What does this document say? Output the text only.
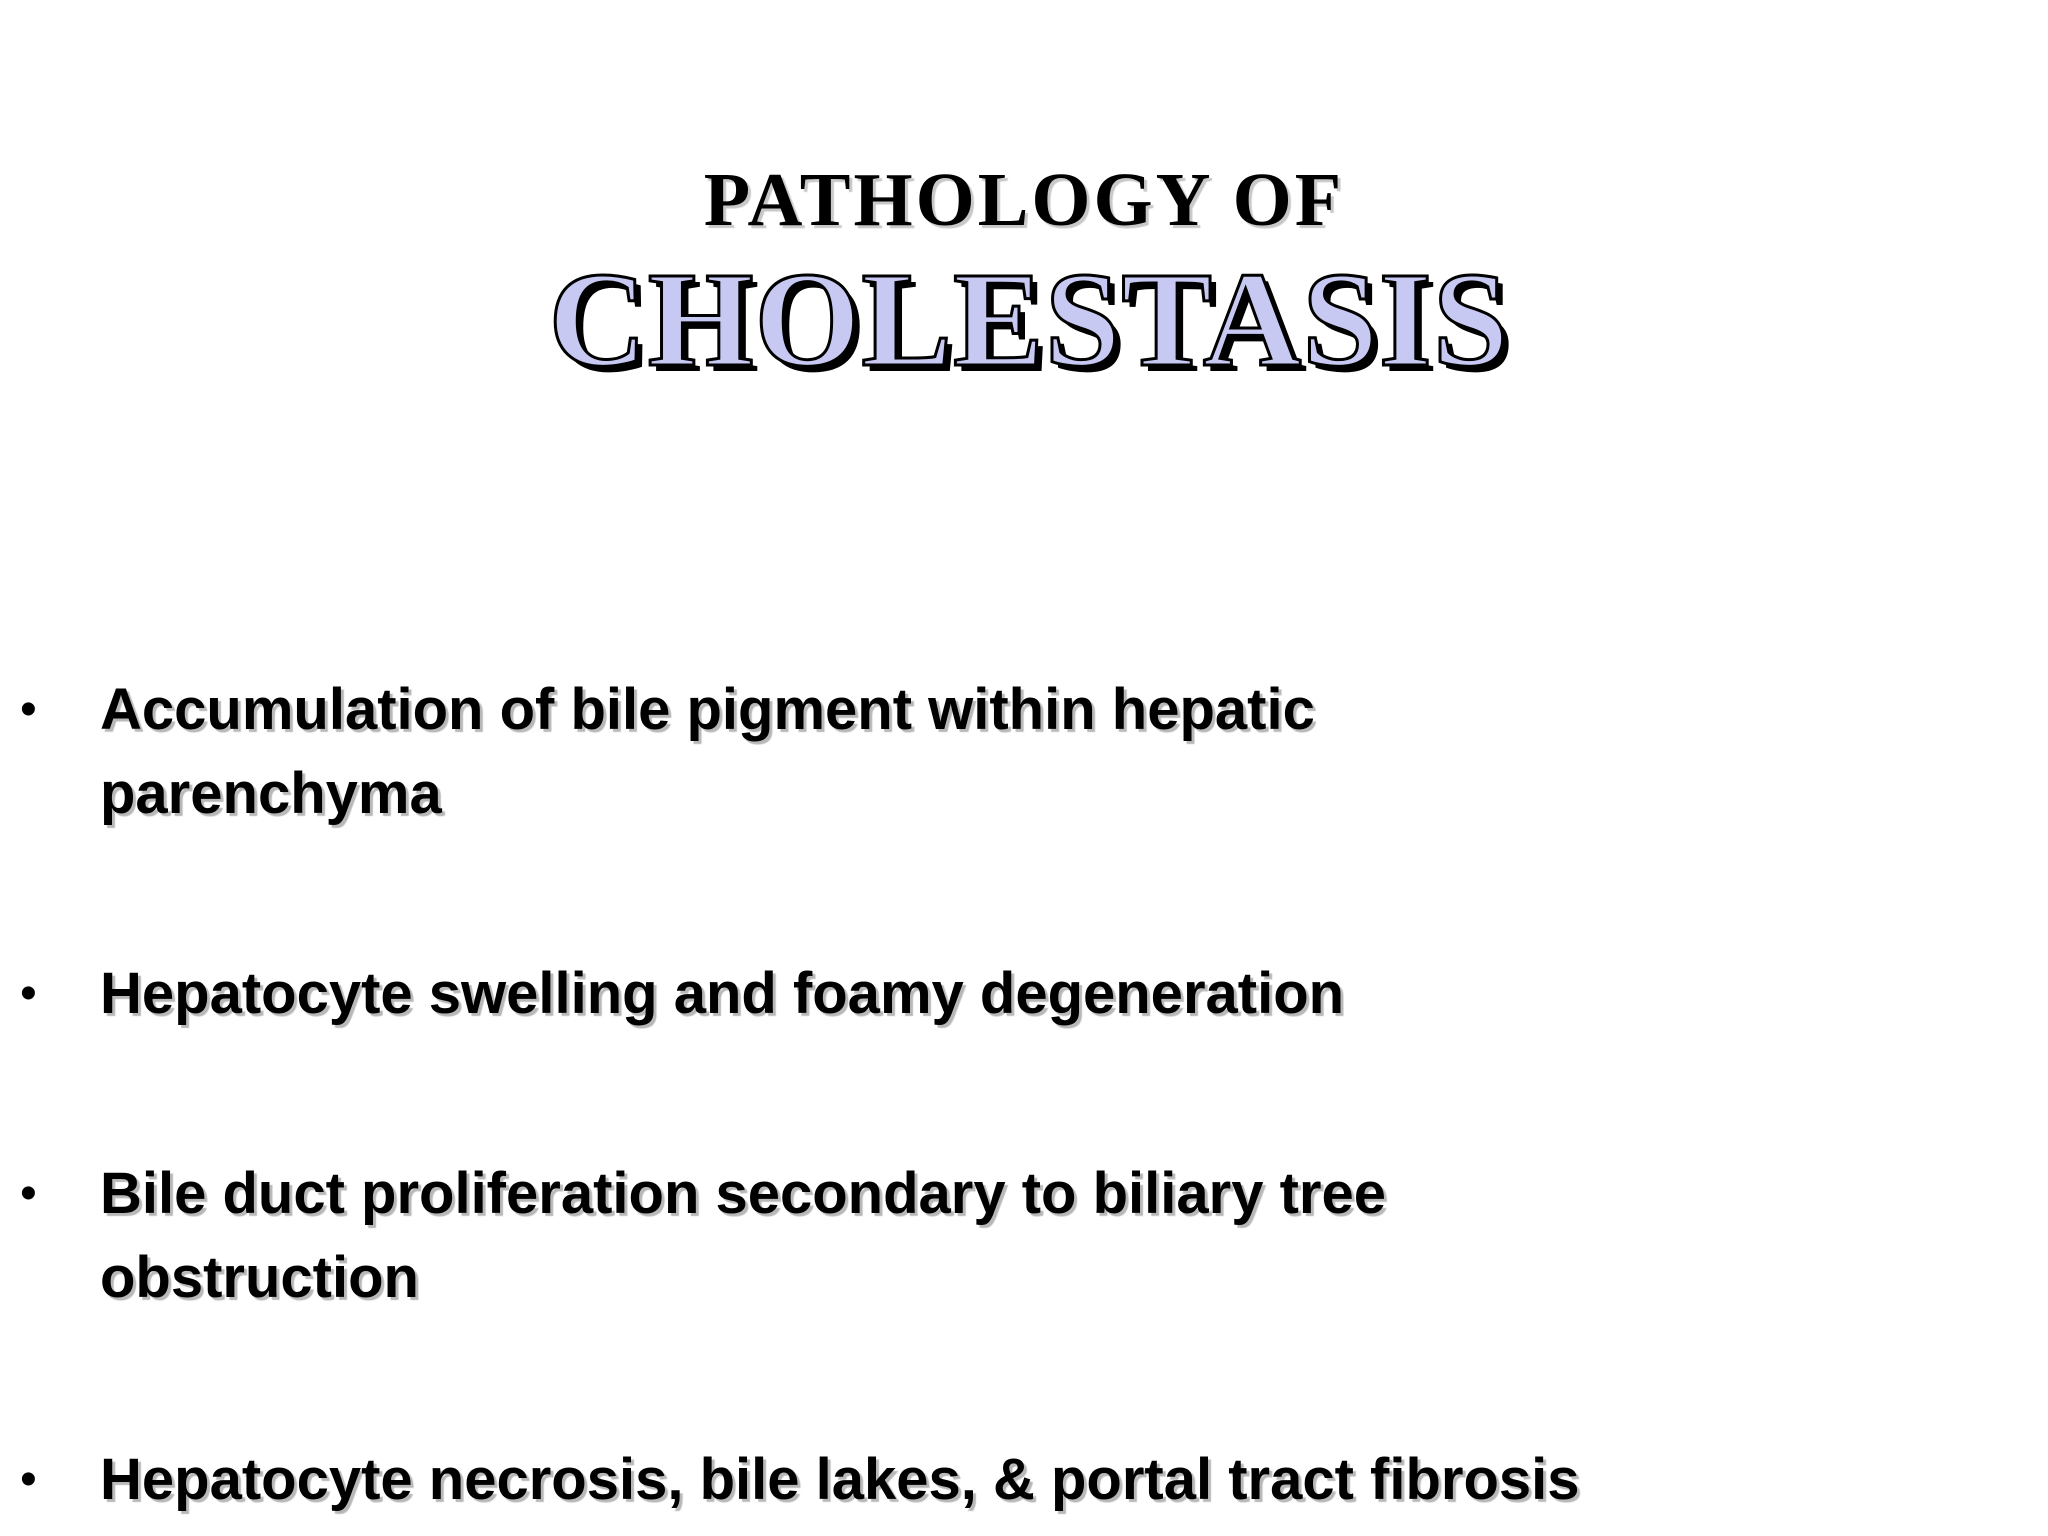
PATHOLOGY OF
CHOLESTASIS
• Accumulation of bile pigment within hepatic parenchyma
• Hepatocyte swelling and foamy degeneration
• Bile duct proliferation secondary to biliary tree obstruction
• Hepatocyte necrosis, bile lakes, & portal tract fibrosis
